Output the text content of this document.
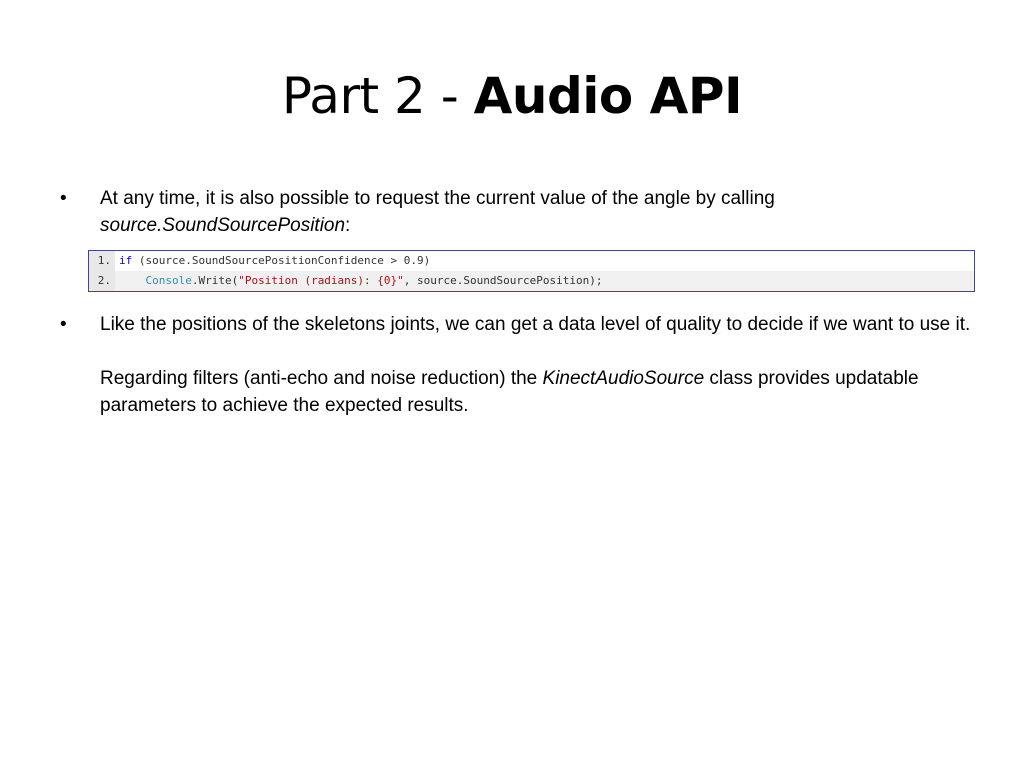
Part 2 - Audio API
• At any time, it is also possible to request the current value of the angle by calling
source.SoundSourcePosition:

1.

if (source.SoundSourcePositionConfidence > 0.9)

2.

	Console.Write("Position (radians): {0}", source.SoundSourcePosition);

• Like the positions of the skeletons joints, we can get a data level of quality to decide if we want to use it.
Regarding filters (anti-echo and noise reduction) the KinectAudioSource class provides updatable parameters to achieve the expected results.
